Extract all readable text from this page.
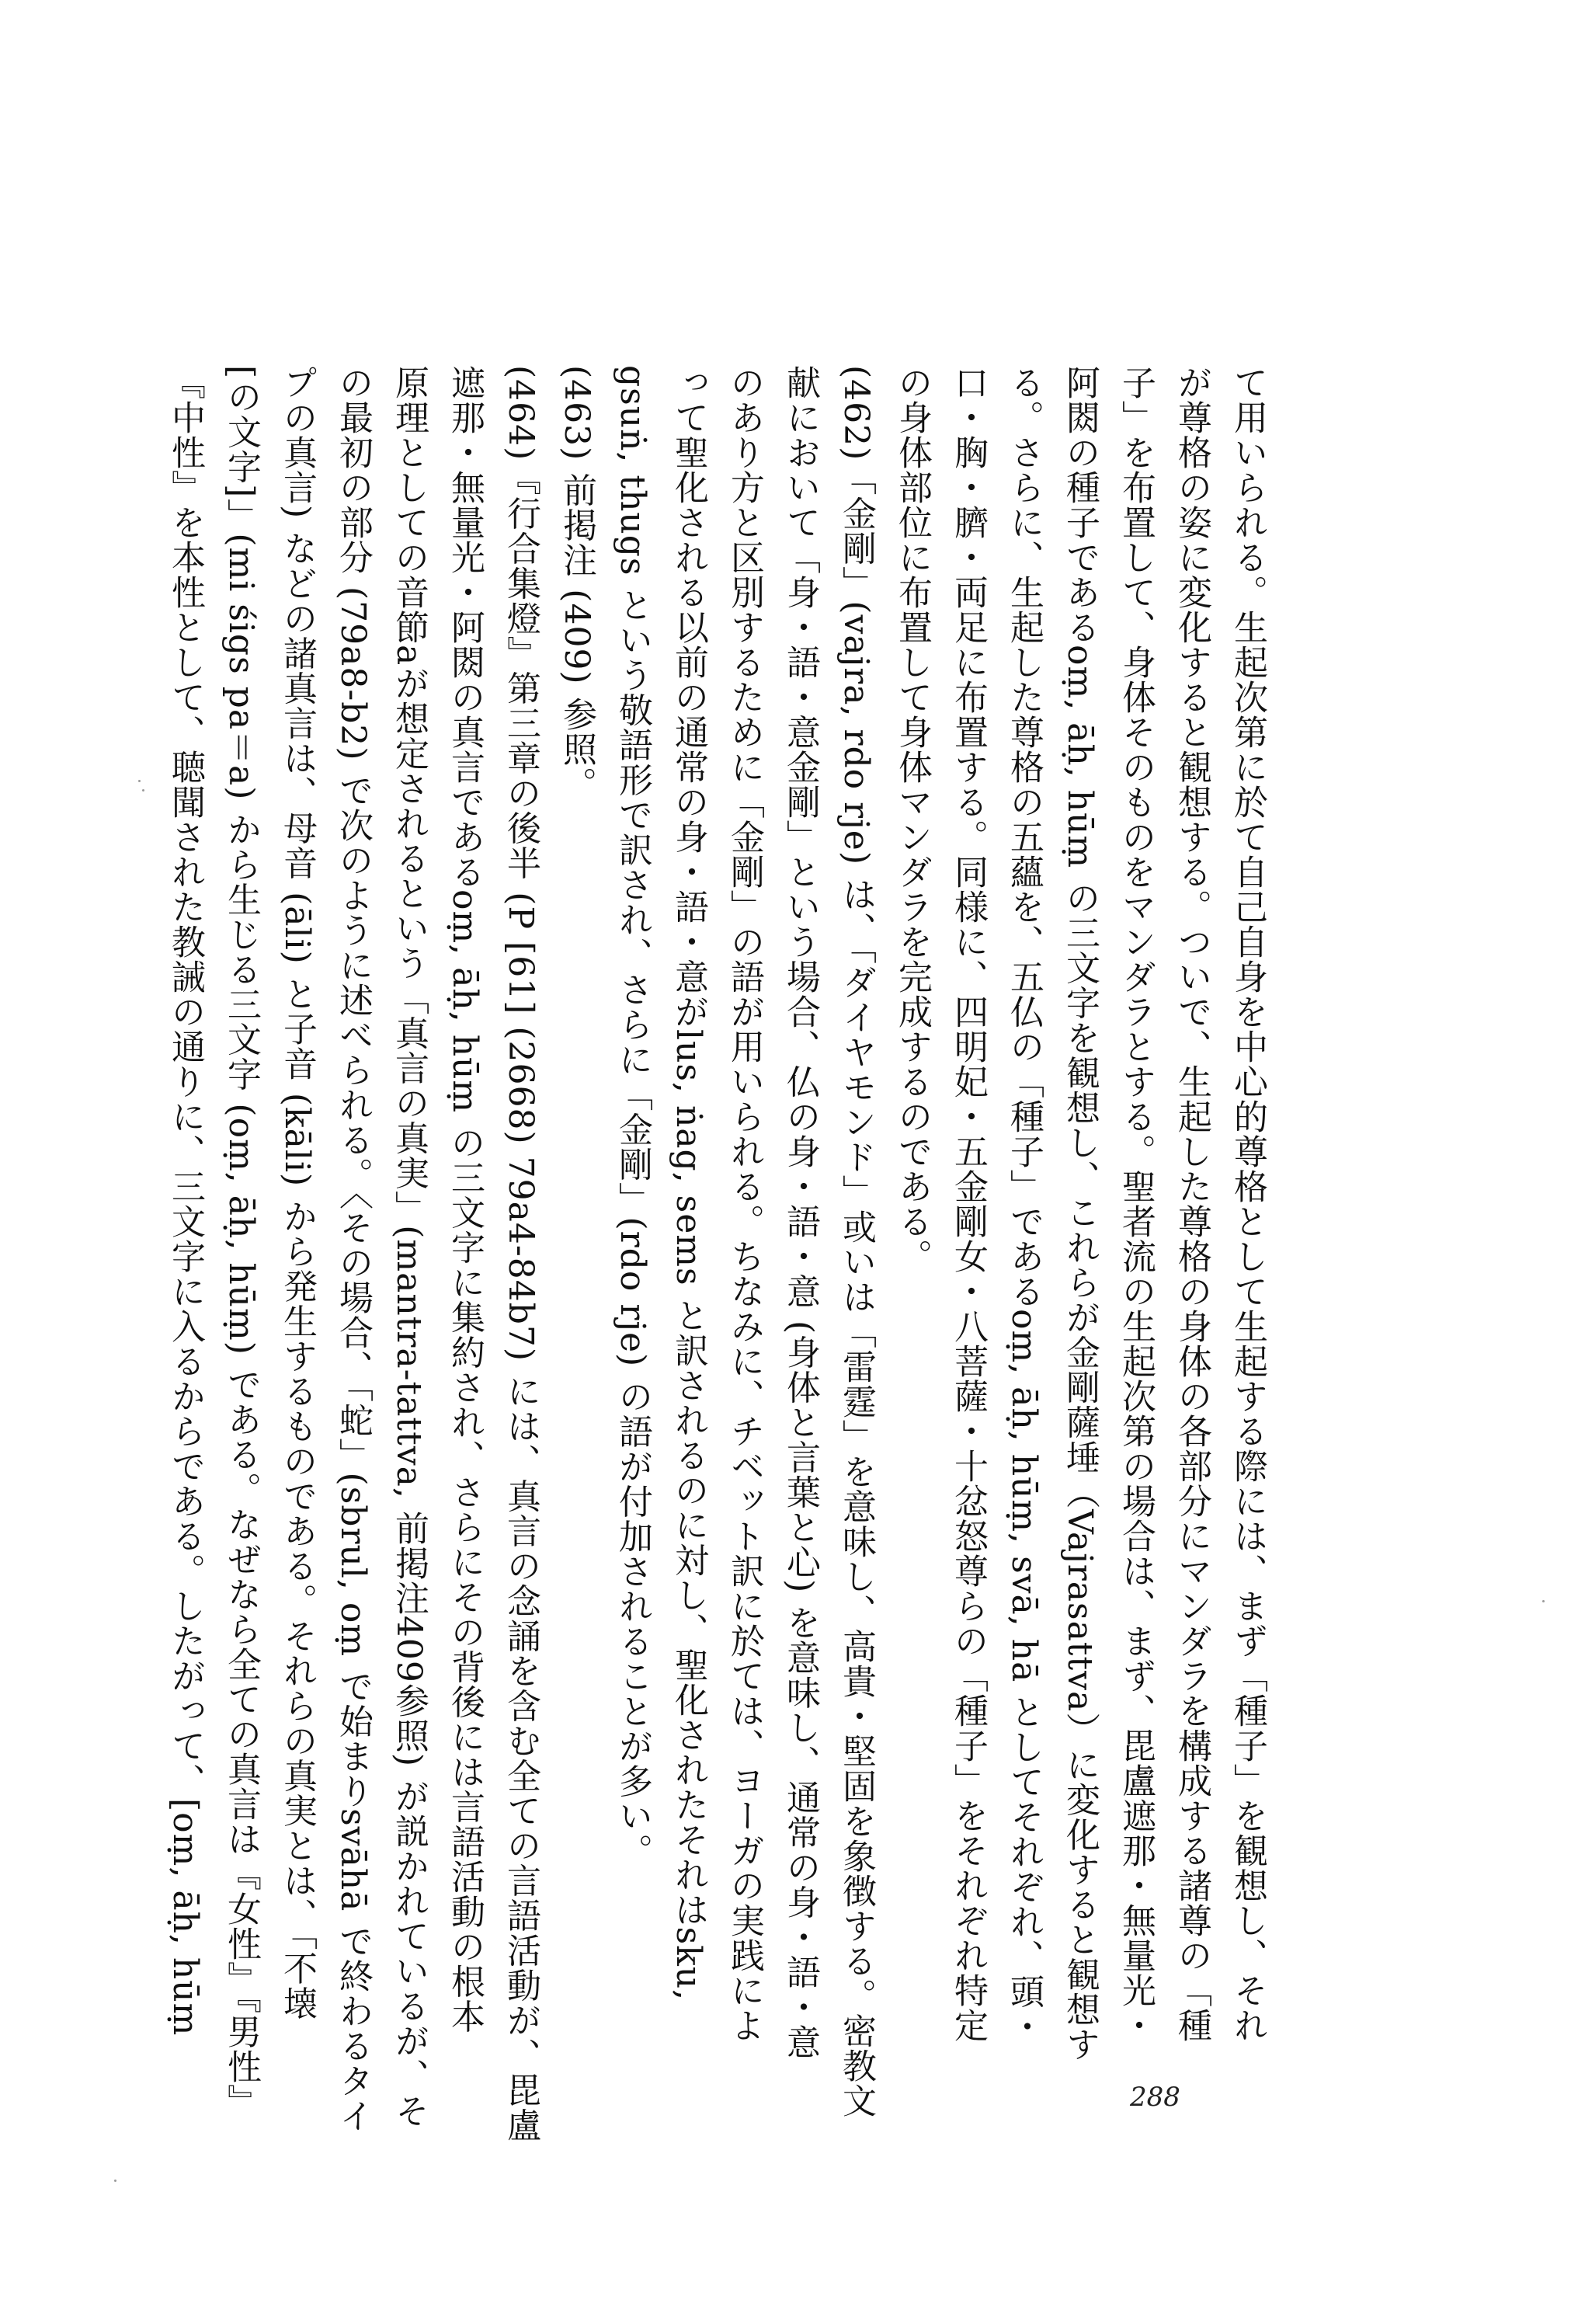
て用いられる。生起次第に於て自己自身を中心的尊格として生起する際には、まず「種子」を観想し、それ
が尊格の姿に変化すると観想する。ついで、生起した尊格の身体の各部分にマンダラを構成する諸尊の「種
子」を布置して、身体そのものをマンダラとする。聖者流の生起次第の場合は、まず、毘盧遮那・無量光・
阿閦の種子であるoṃ, āḥ, hūṃ の三文字を観想し、これらが金剛薩埵（Vajrasattva）に変化すると観想す
る。さらに、生起した尊格の五蘊を、五仏の「種子」であるoṃ, āḥ, hūṃ, svā, hā としてそれぞれ、頭・
口・胸・臍・両足に布置する。同様に、四明妃・五金剛女・八菩薩・十忿怒尊らの「種子」をそれぞれ特定
の身体部位に布置して身体マンダラを完成するのである。
(462)「金剛」(vajra, rdo rje) は、「ダイヤモンド」或いは「雷霆」を意味し、高貴・堅固を象徴する。密教文
献において「身・語・意金剛」という場合、仏の身・語・意 (身体と言葉と心) を意味し、通常の身・語・意
のあり方と区別するために「金剛」の語が用いられる。ちなみに、チベット訳に於ては、ヨーガの実践によ
って聖化される以前の通常の身・語・意がlus, ṅag, sems と訳されるのに対し、聖化されたそれはsku,
gsuṅ, thugs という敬語形で訳され、さらに「金剛」(rdo rje) の語が付加されることが多い。
(463) 前掲注 (409) 参照。
(464)『行合集燈』第三章の後半 (P [61] (2668) 79a4-84b7) には、真言の念誦を含む全ての言語活動が、毘盧
遮那・無量光・阿閦の真言であるoṃ, āḥ, hūṃ の三文字に集約され、さらにその背後には言語活動の根本
原理としての音節aが想定されるという「真言の真実」(mantra-tattva, 前掲注409参照) が説かれているが、そ
の最初の部分 (79a8-b2) で次のように述べられる。〈その場合、「蛇」(sbrul, oṃ で始まりsvāhā で終わるタイ
プの真言) などの諸真言は、母音 (āli) と子音 (kāli) から発生するものである。それらの真実とは、「不壊
[の文字]」(mi śigs pa＝a) から生じる三文字 (oṃ, āḥ, hūṃ) である。なぜなら全ての真言は『女性』『男性』
『中性』を本性として、聴聞された教誡の通りに、三文字に入るからである。したがって、[oṃ, āḥ, hūṃ
288
